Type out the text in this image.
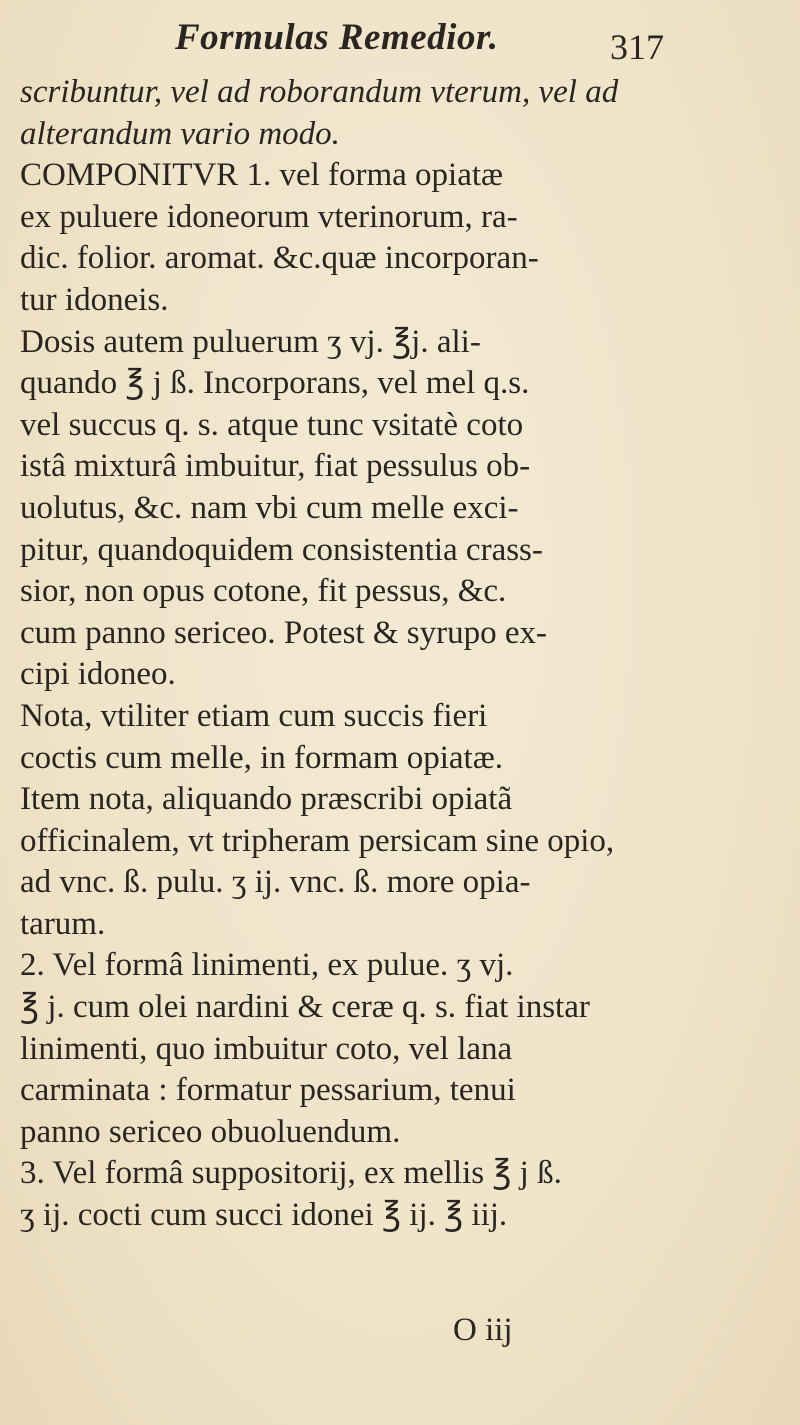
Formulas Remedior.	317
scribuntur, vel ad roborandum vterum, vel ad
alterandum vario modo.
COMPONITVR 1. vel forma opiatæ
ex puluere idoneorum vterinorum, ra-
dic. folior. aromat. &c.quæ incorporan-
tur idoneis.
Dosis autem puluerum ʒ vj. ℥j. ali-
quando ℥ j ß. Incorporans, vel mel q.s.
vel succus q. s. atque tunc vsitatè coto
istâ mixturâ imbuitur, fiat pessulus ob-
uolutus, &c. nam vbi cum melle exci-
pitur, quandoquidem consistentia crass-
sior, non opus cotone, fit pessus, &c.
cum panno sericeo. Potest & syrupo ex-
cipi idoneo.
Nota, vtiliter etiam cum succis fieri
coctis cum melle, in formam opiatæ.
Item nota, aliquando præscribi opiatã
officinalem, vt tripheram persicam sine opio,
ad vnc. ß. pulu. ʒ ij. vnc. ß. more opia-
tarum.
2. Vel formâ linimenti, ex pulue. ʒ vj.
℥ j. cum olei nardini & ceræ q. s. fiat instar
linimenti, quo imbuitur coto, vel lana
carminata : formatur pessarium, tenui
panno sericeo obuoluendum.
3. Vel formâ suppositorij, ex mellis ℥ j ß.
ʒ ij. cocti cum succi idonei ℥ ij. ℥ iij.
O iij
